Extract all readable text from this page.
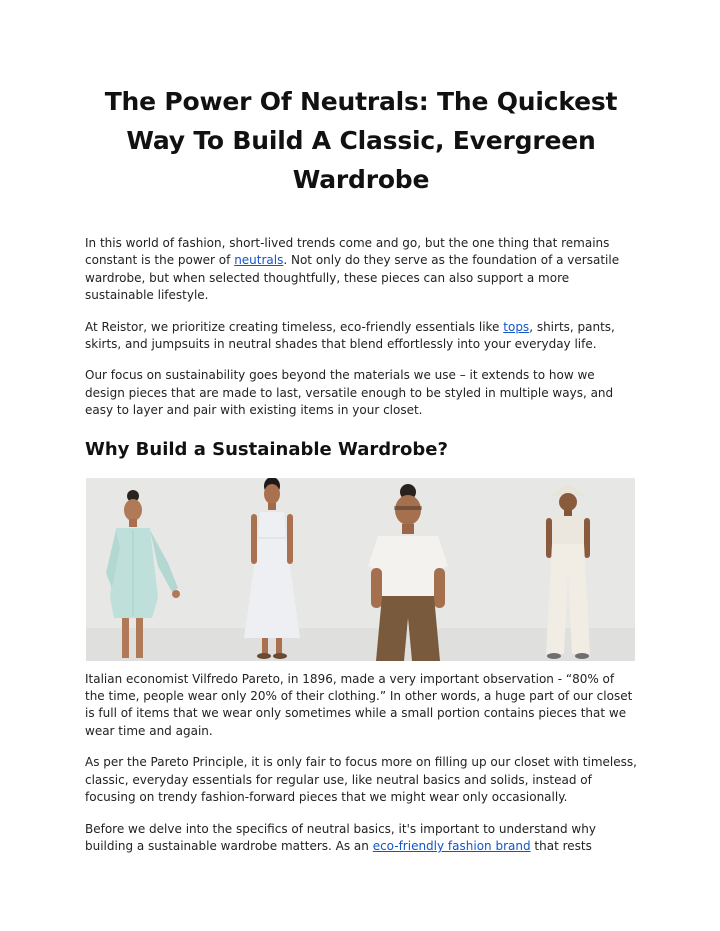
The Power Of Neutrals: The Quickest Way To Build A Classic, Evergreen Wardrobe

In this world of fashion, short-lived trends come and go, but the one thing that remains constant is the power of neutrals. Not only do they serve as the foundation of a versatile wardrobe, but when selected thoughtfully, these pieces can also support a more sustainable lifestyle.

At Reistor, we prioritize creating timeless, eco-friendly essentials like tops, shirts, pants, skirts, and jumpsuits in neutral shades that blend effortlessly into your everyday life.

Our focus on sustainability goes beyond the materials we use – it extends to how we design pieces that are made to last, versatile enough to be styled in multiple ways, and easy to layer and pair with existing items in your closet.

Why Build a Sustainable Wardrobe?

Italian economist Vilfredo Pareto, in 1896, made a very important observation - “80% of the time, people wear only 20% of their clothing.” In other words, a huge part of our closet is full of items that we wear only sometimes while a small portion contains pieces that we wear time and again.

As per the Pareto Principle, it is only fair to focus more on filling up our closet with timeless, classic, everyday essentials for regular use, like neutral basics and solids, instead of focusing on trendy fashion-forward pieces that we might wear only occasionally.

Before we delve into the specifics of neutral basics, it's important to understand why building a sustainable wardrobe matters. As an eco-friendly fashion brand that rests
